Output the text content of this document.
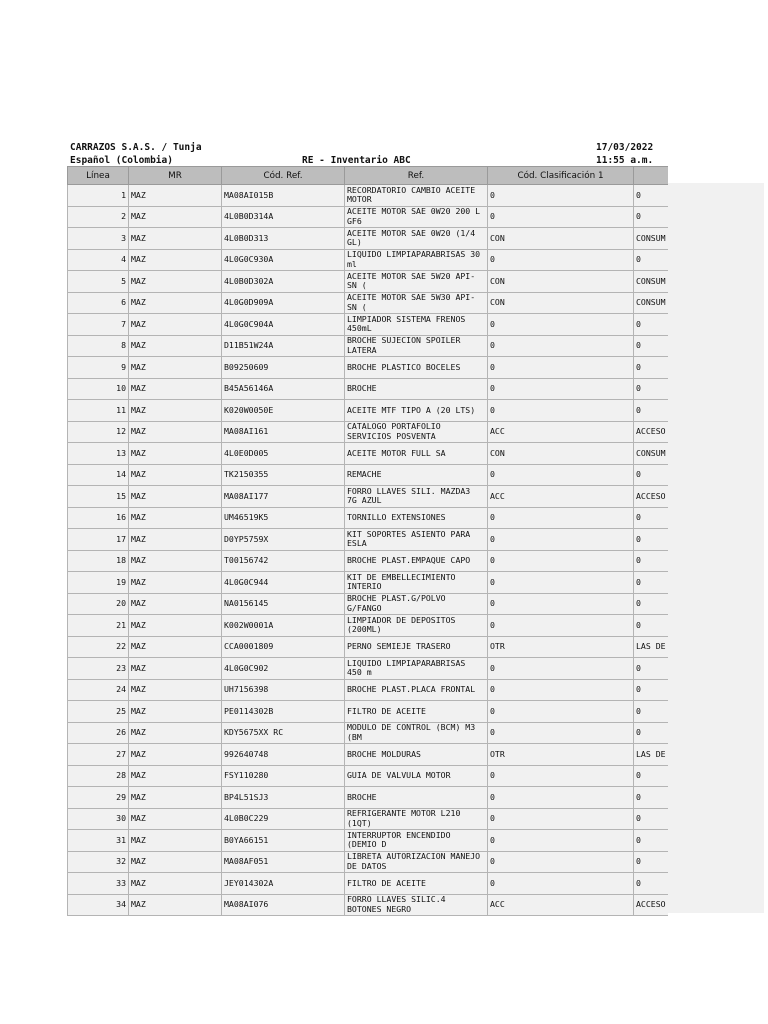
CARRAZOS S.A.S. / Tunja
Español (Colombia)	RE - Inventario ABC
17/03/2022
11:55 a.m.
Línea	MR	Cód. Ref.	Ref.	Cód. Clasificación 1	
1	MAZ	MA08AI015B	RECORDATORIO CAMBIO ACEITE MOTOR	0	0
2	MAZ	4L0B0D314A	ACEITE MOTOR SAE 0W20 200 L GF6	0	0
3	MAZ	4L0B0D313	ACEITE MOTOR SAE 0W20 (1/4 GL)	CON	CONSUM
4	MAZ	4L0G0C930A	LIQUIDO LIMPIAPARABRISAS 30 ml	0	0
5	MAZ	4L0B0D302A	ACEITE MOTOR SAE 5W20 API-SN (	CON	CONSUM
6	MAZ	4L0G0D909A	ACEITE MOTOR SAE 5W30 API-SN (	CON	CONSUM
7	MAZ	4L0G0C904A	LIMPIADOR SISTEMA FRENOS 450mL	0	0
8	MAZ	D11B51W24A	BROCHE SUJECION SPOILER LATERA	0	0
9	MAZ	B09250609	BROCHE PLASTICO BOCELES	0	0
10	MAZ	B45A56146A	BROCHE	0	0
11	MAZ	K020W0050E	ACEITE MTF TIPO A (20 LTS)	0	0
12	MAZ	MA08AI161	CATALOGO PORTAFOLIO SERVICIOS POSVENTA	ACC	ACCESO
13	MAZ	4L0E0D005	ACEITE MOTOR FULL SA	CON	CONSUM
14	MAZ	TK2150355	REMACHE	0	0
15	MAZ	MA08AI177	FORRO LLAVES SILI. MAZDA3 7G AZUL	ACC	ACCESO
16	MAZ	UM46519K5	TORNILLO EXTENSIONES	0	0
17	MAZ	D0YP5759X	KIT SOPORTES ASIENTO PARA ESLA	0	0
18	MAZ	T00156742	BROCHE PLAST.EMPAQUE CAPO	0	0
19	MAZ	4L0G0C944	KIT DE EMBELLECIMIENTO INTERIO	0	0
20	MAZ	NA0156145	BROCHE PLAST.G/POLVO G/FANGO	0	0
21	MAZ	K002W0001A	LIMPIADOR DE DEPOSITOS (200ML)	0	0
22	MAZ	CCA0001809	PERNO SEMIEJE TRASERO	OTR	LAS DE
23	MAZ	4L0G0C902	LIQUIDO LIMPIAPARABRISAS 450 m	0	0
24	MAZ	UH7156398	BROCHE PLAST.PLACA FRONTAL	0	0
25	MAZ	PE0114302B	FILTRO DE ACEITE	0	0
26	MAZ	KDY5675XX RC	MODULO DE CONTROL (BCM) M3 (BM	0	0
27	MAZ	992640748	BROCHE MOLDURAS	OTR	LAS DE
28	MAZ	FSY110280	GUIA DE VALVULA MOTOR	0	0
29	MAZ	BP4L51SJ3	BROCHE	0	0
30	MAZ	4L0B0C229	REFRIGERANTE MOTOR L210 (1QT)	0	0
31	MAZ	B0YA66151	INTERRUPTOR ENCENDIDO (DEMIO D	0	0
32	MAZ	MA08AF051	LIBRETA AUTORIZACION MANEJO DE DATOS	0	0
33	MAZ	JEY014302A	FILTRO DE ACEITE	0	0
34	MAZ	MA08AI076	FORRO LLAVES SILIC.4 BOTONES NEGRO	ACC	ACCESO
